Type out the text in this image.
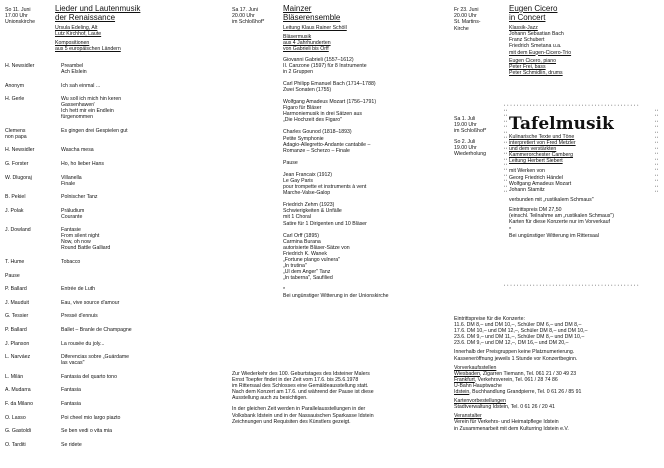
So 11. Juni
17.00 Uhr
Unionskirche
Lieder und Lautenmusik
der Renaissance
Ursula Edeling, Alt
Lutz Kirchhof, Laute
Kompositionen
aus 5 europäischen Ländern
H. Newsidler	Preambel
Ach Elslein
Anonym	Ich sah einmal ...
H. Gerle	Wu soll ich mich hin keren
Gassenhawer/
Ich hett mir ein Endlein
fürgenommen
Clemens
non papa
Es gingen drei Gespielen gut
H. Newsidler	Wascha mesa
G. Forster	Ho, ho lieber Hans
W. Dlugoraj	Villanella
Finale
B. Pekiel	Polnischer Tanz
J. Polak	Präludium
Courante
J. Dowland	Fantasie
From silent night
Now, oh now
Round Battle Galliard
T. Hume	Tobacco
Pause
P. Ballard	Entrée de Luth
J. Mauduit	Eau, vive source d'amour
G. Tessier	Pressé d'ennuis
P. Ballard	Ballet – Branle de Champagne
J. Planson	La rousée du joly...
L. Narváez	Diferencias sobre „Guárdame
las vacas"
L. Milán	Fantasia del quarto tono
A. Mudarra	Fantasia
F. da Milano	Fantasia
O. Lasso	Poi cheel mio largo piazto
G. Gastoldi	Se ben vedi o vita mia
O. Tarditi	Se ridete
Sa 17. Juni
20.00 Uhr
im Schloßhof*
Mainzer
Bläserensemble
Leitung Klaus Rainer Schöll
Bläsermusik
aus 4 Jahrhunderten
von Gabrieli bis Orff
Giovanni Gabrieli (1557–1612)
II. Canzone (1597) für 8 Instrumente
in 2 Gruppen
Carl Philipp Emanuel Bach (1714–1788)
Zwei Sonaten (1755)
Wolfgang Amadeus Mozart (1756–1791)
Figaro für Bläser
Harmoniemusik in drei Sätzen aus
„Die Hochzeit des Figaro"
Charles Gounod (1818–1893)
Petite Symphonie
Adagio-Allegretto-Andante cantabile –
Romanze – Scherzo – Finale
Pause
Jean Francaix (1912)
Le Gay Paris
pour trompette et instruments à vent
Marche-Valse-Galop
Friedrich Zehm (1923)
Schwierigkeiten & Unfälle
mit 1 Choral
Satire für 1 Dirigenten und 10 Bläser
Carl Orff (1895)
Carmina Burana
autorisierte Bläser-Sätze von
Friedrich K. Wanek
„Fortune plango vulnera"
„In trutina"
„Ul dem Anger" Tanz
„In taberna", Saufilied
*
Bei ungünstiger Witterung in der Unionskirche
Zur Wiederkehr des 100. Geburtstages des Idsteiner Malers
Ernst Toepfer findet in der Zeit vom 17.6. bis 25.6.1978
im Rittersaal des Schlosses eine Gemäldeausstellung statt.
Nach dem Konzert am 17.6. und während der Pause ist diese
Ausstellung auch zu besichtigen.
In der gleichen Zeit werden in Parallelausstellungen in der
Volksbank Idstein und in der Nassauischen Sparkasse Idstein
Zeichnungen und Requisiten des Künstlers gezeigt.
Fr 23. Juni
20.00 Uhr
St. Martins-
Kirche
Eugen Cicero
in Concert
Klassik-Jazz
Johann Sebastian Bach
Franz Schubert
Friedrich Smetana u.a.
mit dem Eugen-Cicero-Trio
Eugen Cicero, piano
Peter Frei, bass
Peter Schmidlin, drums
••••••••••••••••••••••••••••••••••••••••••
••••••••••••••••••••••••••••••••••••••••••
Sa 1. Juli
19.00 Uhr
im Schloßhof*
So 2. Juli
19.00 Uhr
Wiederholung
Tafelmusik
Kulinarische Texte und Töne
interpretiert von Fred Metzler
und dem verstärkten
Kammerorchester Camberg
Leitung Herbert Siebert
mit Werken von
Georg Friedrich Händel
Wolfgang Amadeus Mozart
Johann Stamitz
verbunden mit „rustikalem Schmaus"
Eintrittspreis DM 27,50
(einschl. Teilnahme am „rustikalen Schmaus")
Karten für diese Konzerte nur im Vorverkauf
*
Bei ungünstiger Witterung im Rittersaal
• • • • • • • • • • • • • • • • • • • • • • • • • • • • • • • •
• • • • • • • • • • • • • • • • • • • • • • • • • • • • • • • •
Eintrittspreise für die Konzerte:
11.6. DM 8,– und DM 10,–, Schüler DM 6,– und DM 8,–
17.6. DM 10,– und DM 12,–, Schüler DM 8,– und DM 10,–
23.6. DM 9,– und DM 11,–, Schüler DM 8,– und DM 10,–
23.6. DM 9,– und DM 12,–, DM 16,– und DM 20,–
Innerhalb der Preisgruppen keine Platznumerierung.
Kasseneröffnung jeweils 1 Stunde vor Konzertbeginn.
Vorverkaufsstellen
Wiesbaden, Zigarren Tiemann, Tel. 061 21 / 30 49 23
Frankfurt, Verkehrsverein, Tel. 061 / 28 74 86
U-Bahn Hauptwache
Idstein, Buchhandlung Grandpierre, Tel. 0 61 26 / 85 91
Kartenvorbestellungen
Stadtverwaltung Idstein, Tel. 0 61 26 / 20 41
Veranstalter
Verein für Verkehrs- und Heimatpflege Idstein
in Zusammenarbeit mit dem Kulturring Idstein e.V.
